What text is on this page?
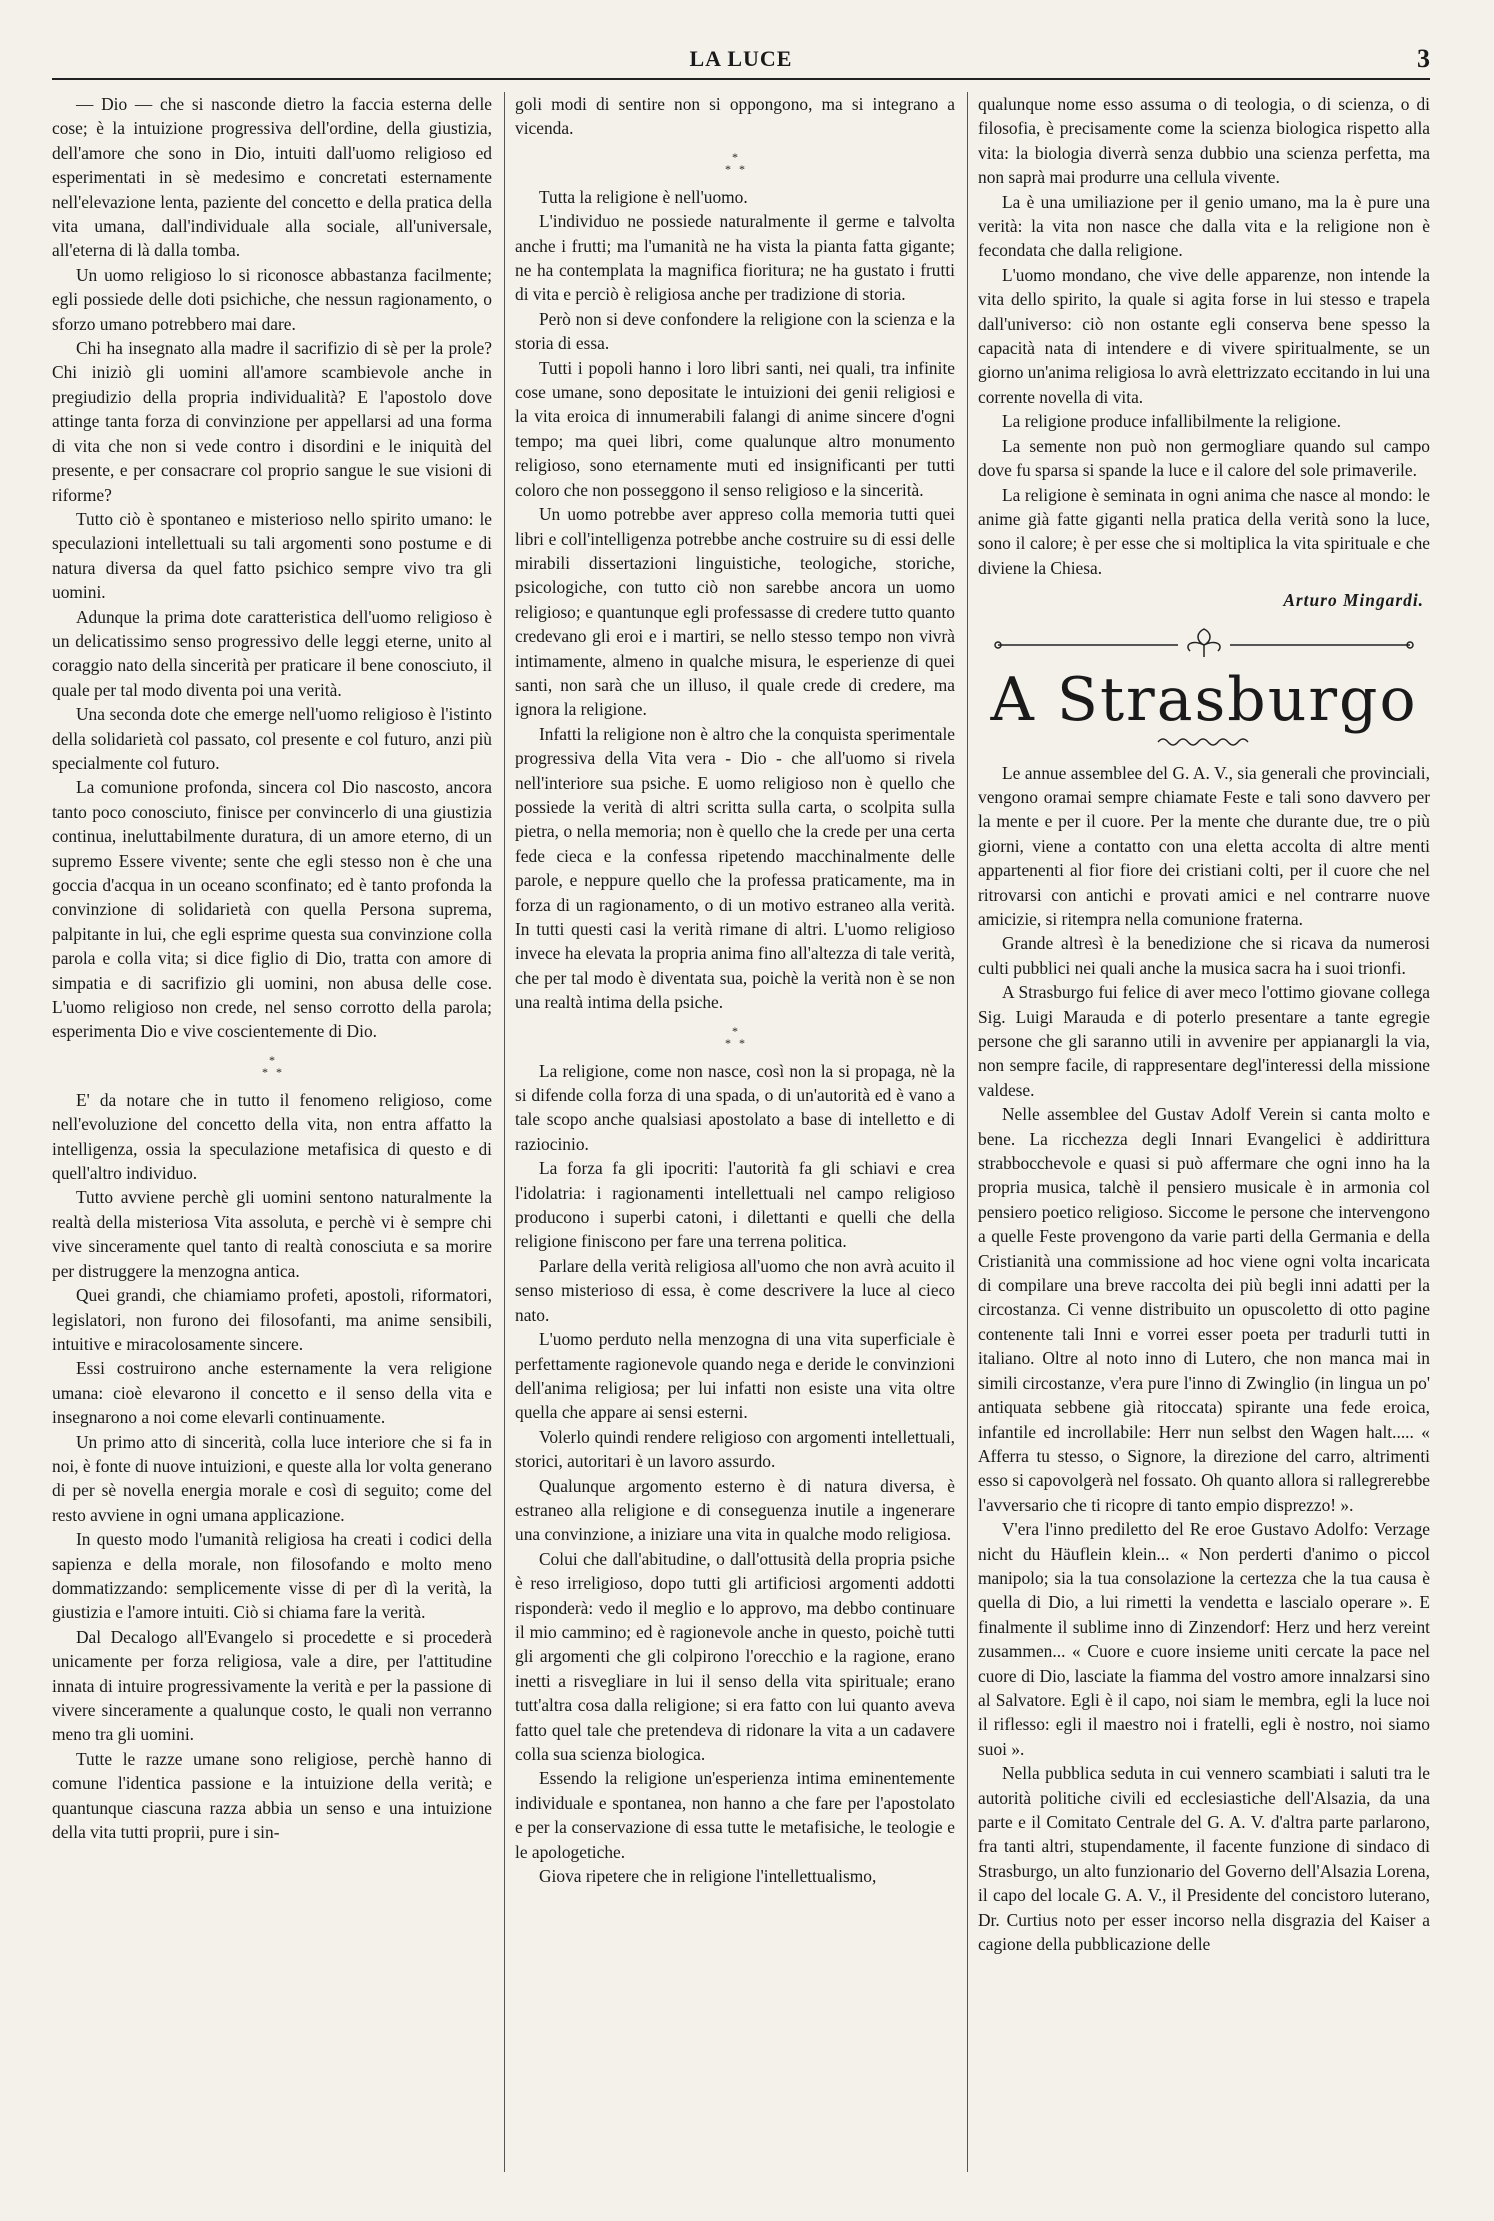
LA LUCE	3

— Dio — che si nasconde dietro la faccia esterna delle cose; è la intuizione progressiva dell'ordine, della giustizia, dell'amore che sono in Dio, intuiti dall'uomo religioso ed esperimentati in sè medesimo e concretati esternamente nell'elevazione lenta, paziente del concetto e della pratica della vita umana, dall'individuale alla sociale, all'universale, all'eterna di là dalla tomba.

Un uomo religioso lo si riconosce abbastanza facilmente; egli possiede delle doti psichiche, che nessun ragionamento, o sforzo umano potrebbero mai dare.

Chi ha insegnato alla madre il sacrifizio di sè per la prole? Chi iniziò gli uomini all'amore scambievole anche in pregiudizio della propria individualità? E l'apostolo dove attinge tanta forza di convinzione per appellarsi ad una forma di vita che non si vede contro i disordini e le iniquità del presente, e per consacrare col proprio sangue le sue visioni di riforme?

Tutto ciò è spontaneo e misterioso nello spirito umano: le speculazioni intellettuali su tali argomenti sono postume e di natura diversa da quel fatto psichico sempre vivo tra gli uomini.

Adunque la prima dote caratteristica dell'uomo religioso è un delicatissimo senso progressivo delle leggi eterne, unito al coraggio nato della sincerità per praticare il bene conosciuto, il quale per tal modo diventa poi una verità.

Una seconda dote che emerge nell'uomo religioso è l'istinto della solidarietà col passato, col presente e col futuro, anzi più specialmente col futuro.

La comunione profonda, sincera col Dio nascosto, ancora tanto poco conosciuto, finisce per convincerlo di una giustizia continua, ineluttabilmente duratura, di un amore eterno, di un supremo Essere vivente; sente che egli stesso non è che una goccia d'acqua in un oceano sconfinato; ed è tanto profonda la convinzione di solidarietà con quella Persona suprema, palpitante in lui, che egli esprime questa sua convinzione colla parola e colla vita; si dice figlio di Dio, tratta con amore di simpatia e di sacrifizio gli uomini, non abusa delle cose. L'uomo religioso non crede, nel senso corrotto della parola; esperimenta Dio e vive coscientemente di Dio.

*
* *

E' da notare che in tutto il fenomeno religioso, come nell'evoluzione del concetto della vita, non entra affatto la intelligenza, ossia la speculazione metafisica di questo e di quell'altro individuo.

Tutto avviene perchè gli uomini sentono naturalmente la realtà della misteriosa Vita assoluta, e perchè vi è sempre chi vive sinceramente quel tanto di realtà conosciuta e sa morire per distruggere la menzogna antica.

Quei grandi, che chiamiamo profeti, apostoli, riformatori, legislatori, non furono dei filosofanti, ma anime sensibili, intuitive e miracolosamente sincere.

Essi costruirono anche esternamente la vera religione umana: cioè elevarono il concetto e il senso della vita e insegnarono a noi come elevarli continuamente.

Un primo atto di sincerità, colla luce interiore che si fa in noi, è fonte di nuove intuizioni, e queste alla lor volta generano di per sè novella energia morale e così di seguito; come del resto avviene in ogni umana applicazione.

In questo modo l'umanità religiosa ha creati i codici della sapienza e della morale, non filosofando e molto meno dommatizzando: semplicemente visse di per dì la verità, la giustizia e l'amore intuiti. Ciò si chiama fare la verità.

Dal Decalogo all'Evangelo si procedette e si procederà unicamente per forza religiosa, vale a dire, per l'attitudine innata di intuire progressivamente la verità e per la passione di vivere sinceramente a qualunque costo, le quali non verranno meno tra gli uomini.

Tutte le razze umane sono religiose, perchè hanno di comune l'identica passione e la intuizione della verità; e quantunque ciascuna razza abbia un senso e una intuizione della vita tutti proprii, pure i sin-

goli modi di sentire non si oppongono, ma si integrano a vicenda.

*
* *

Tutta la religione è nell'uomo.

L'individuo ne possiede naturalmente il germe e talvolta anche i frutti; ma l'umanità ne ha vista la pianta fatta gigante; ne ha contemplata la magnifica fioritura; ne ha gustato i frutti di vita e perciò è religiosa anche per tradizione di storia.

Però non si deve confondere la religione con la scienza e la storia di essa.

Tutti i popoli hanno i loro libri santi, nei quali, tra infinite cose umane, sono depositate le intuizioni dei genii religiosi e la vita eroica di innumerabili falangi di anime sincere d'ogni tempo; ma quei libri, come qualunque altro monumento religioso, sono eternamente muti ed insignificanti per tutti coloro che non posseggono il senso religioso e la sincerità.

Un uomo potrebbe aver appreso colla memoria tutti quei libri e coll'intelligenza potrebbe anche costruire su di essi delle mirabili dissertazioni linguistiche, teologiche, storiche, psicologiche, con tutto ciò non sarebbe ancora un uomo religioso; e quantunque egli professasse di credere tutto quanto credevano gli eroi e i martiri, se nello stesso tempo non vivrà intimamente, almeno in qualche misura, le esperienze di quei santi, non sarà che un illuso, il quale crede di credere, ma ignora la religione.

Infatti la religione non è altro che la conquista sperimentale progressiva della Vita vera - Dio - che all'uomo si rivela nell'interiore sua psiche. E uomo religioso non è quello che possiede la verità di altri scritta sulla carta, o scolpita sulla pietra, o nella memoria; non è quello che la crede per una certa fede cieca e la confessa ripetendo macchinalmente delle parole, e neppure quello che la professa praticamente, ma in forza di un ragionamento, o di un motivo estraneo alla verità. In tutti questi casi la verità rimane di altri. L'uomo religioso invece ha elevata la propria anima fino all'altezza di tale verità, che per tal modo è diventata sua, poichè la verità non è se non una realtà intima della psiche.

*
* *

La religione, come non nasce, così non la si propaga, nè la si difende colla forza di una spada, o di un'autorità ed è vano a tale scopo anche qualsiasi apostolato a base di intelletto e di raziocinio.

La forza fa gli ipocriti: l'autorità fa gli schiavi e crea l'idolatria: i ragionamenti intellettuali nel campo religioso producono i superbi catoni, i dilettanti e quelli che della religione finiscono per fare una terrena politica.

Parlare della verità religiosa all'uomo che non avrà acuito il senso misterioso di essa, è come descrivere la luce al cieco nato.

L'uomo perduto nella menzogna di una vita superficiale è perfettamente ragionevole quando nega e deride le convinzioni dell'anima religiosa; per lui infatti non esiste una vita oltre quella che appare ai sensi esterni.

Volerlo quindi rendere religioso con argomenti intellettuali, storici, autoritari è un lavoro assurdo.

Qualunque argomento esterno è di natura diversa, è estraneo alla religione e di conseguenza inutile a ingenerare una convinzione, a iniziare una vita in qualche modo religiosa.

Colui che dall'abitudine, o dall'ottusità della propria psiche è reso irreligioso, dopo tutti gli artificiosi argomenti addotti risponderà: vedo il meglio e lo approvo, ma debbo continuare il mio cammino; ed è ragionevole anche in questo, poichè tutti gli argomenti che gli colpirono l'orecchio e la ragione, erano inetti a risvegliare in lui il senso della vita spirituale; erano tutt'altra cosa dalla religione; si era fatto con lui quanto aveva fatto quel tale che pretendeva di ridonare la vita a un cadavere colla sua scienza biologica.

Essendo la religione un'esperienza intima eminentemente individuale e spontanea, non hanno a che fare per l'apostolato e per la conservazione di essa tutte le metafisiche, le teologie e le apologetiche.

Giova ripetere che in religione l'intellettualismo,

qualunque nome esso assuma o di teologia, o di scienza, o di filosofia, è precisamente come la scienza biologica rispetto alla vita: la biologia diverrà senza dubbio una scienza perfetta, ma non saprà mai produrre una cellula vivente.

La è una umiliazione per il genio umano, ma la è pure una verità: la vita non nasce che dalla vita e la religione non è fecondata che dalla religione.

L'uomo mondano, che vive delle apparenze, non intende la vita dello spirito, la quale si agita forse in lui stesso e trapela dall'universo: ciò non ostante egli conserva bene spesso la capacità nata di intendere e di vivere spiritualmente, se un giorno un'anima religiosa lo avrà elettrizzato eccitando in lui una corrente novella di vita.

La religione produce infallibilmente la religione.

La semente non può non germogliare quando sul campo dove fu sparsa si spande la luce e il calore del sole primaverile.

La religione è seminata in ogni anima che nasce al mondo: le anime già fatte giganti nella pratica della verità sono la luce, sono il calore; è per esse che si moltiplica la vita spirituale e che diviene la Chiesa.

Arturo Mingardi.
A Strasburgo

Le annue assemblee del G. A. V., sia generali che provinciali, vengono oramai sempre chiamate Feste e tali sono davvero per la mente e per il cuore. Per la mente che durante due, tre o più giorni, viene a contatto con una eletta accolta di altre menti appartenenti al fior fiore dei cristiani colti, per il cuore che nel ritrovarsi con antichi e provati amici e nel contrarre nuove amicizie, si ritempra nella comunione fraterna.

Grande altresì è la benedizione che si ricava da numerosi culti pubblici nei quali anche la musica sacra ha i suoi trionfi.

A Strasburgo fui felice di aver meco l'ottimo giovane collega Sig. Luigi Marauda e di poterlo presentare a tante egregie persone che gli saranno utili in avvenire per appianargli la via, non sempre facile, di rappresentare degl'interessi della missione valdese.

Nelle assemblee del Gustav Adolf Verein si canta molto e bene. La ricchezza degli Innari Evangelici è addirittura strabbocchevole e quasi si può affermare che ogni inno ha la propria musica, talchè il pensiero musicale è in armonia col pensiero poetico religioso. Siccome le persone che intervengono a quelle Feste provengono da varie parti della Germania e della Cristianità una commissione ad hoc viene ogni volta incaricata di compilare una breve raccolta dei più begli inni adatti per la circostanza. Ci venne distribuito un opuscoletto di otto pagine contenente tali Inni e vorrei esser poeta per tradurli tutti in italiano. Oltre al noto inno di Lutero, che non manca mai in simili circostanze, v'era pure l'inno di Zwinglio (in lingua un po' antiquata sebbene già ritoccata) spirante una fede eroica, infantile ed incrollabile: Herr nun selbst den Wagen halt..... « Afferra tu stesso, o Signore, la direzione del carro, altrimenti esso si capovolgerà nel fossato. Oh quanto allora si rallegrerebbe l'avversario che ti ricopre di tanto empio disprezzo! ».

V'era l'inno prediletto del Re eroe Gustavo Adolfo: Verzage nicht du Häuflein klein... « Non perderti d'animo o piccol manipolo; sia la tua consolazione la certezza che la tua causa è quella di Dio, a lui rimetti la vendetta e lascialo operare ». E finalmente il sublime inno di Zinzendorf: Herz und herz vereint zusammen... « Cuore e cuore insieme uniti cercate la pace nel cuore di Dio, lasciate la fiamma del vostro amore innalzarsi sino al Salvatore. Egli è il capo, noi siam le membra, egli la luce noi il riflesso: egli il maestro noi i fratelli, egli è nostro, noi siamo suoi ».

Nella pubblica seduta in cui vennero scambiati i saluti tra le autorità politiche civili ed ecclesiastiche dell'Alsazia, da una parte e il Comitato Centrale del G. A. V. d'altra parte parlarono, fra tanti altri, stupendamente, il facente funzione di sindaco di Strasburgo, un alto funzionario del Governo dell'Alsazia Lorena, il capo del locale G. A. V., il Presidente del concistoro luterano, Dr. Curtius noto per esser incorso nella disgrazia del Kaiser a cagione della pubblicazione delle
